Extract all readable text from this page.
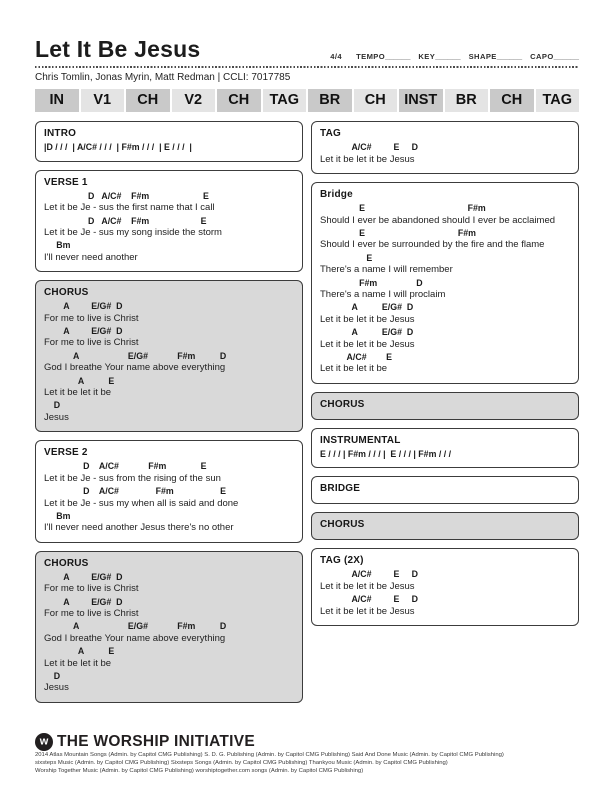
Let It Be Jesus	4/4 TEMPO______ KEY______ SHAPE______ CAPO______
Chris Tomlin, Jonas Myrin, Matt Redman | CCLI: 7017785
IN	V1	CH	V2	CH	TAG	BR	CH	INST	BR	CH	TAG
INTRO
|D / / /  | A/C# / / /  | F#m / / /  | E / / /  |
VERSE 1
D   A/C#    F#m                      E
Let it be Je - sus the first name that I call
D   A/C#    F#m                     E
Let it be Je - sus my song inside the storm
Bm
I'll never need another
CHORUS
A         E/G#  D
For me to live is Christ
A         E/G#  D
For me to live is Christ
A                    E/G#            F#m          D
God I breathe Your name above everything
A          E
Let it be let it be
D
Jesus
VERSE 2
D    A/C#            F#m              E
Let it be Je - sus from the rising of the sun
D    A/C#               F#m                   E
Let it be Je - sus my when all is said and done
Bm
I'll never need another Jesus there's no other
CHORUS
A         E/G#  D
For me to live is Christ
A         E/G#  D
For me to live is Christ
A                    E/G#            F#m          D
God I breathe Your name above everything
A          E
Let it be let it be
D
Jesus
TAG
A/C#         E     D
Let it be let it be Jesus
Bridge
E                                          F#m
Should I ever be abandoned should I ever be acclaimed
E                                      F#m
Should I ever be surrounded by the fire and the flame
E
There's a name I will remember
F#m                D
There's a name I will proclaim
A          E/G#  D
Let it be let it be Jesus
A          E/G#  D
Let it be let it be Jesus
A/C#        E
Let it be let it be
CHORUS
INSTRUMENTAL
E / / / | F#m / / / |  E / / / | F#m / / /
BRIDGE
CHORUS
TAG (2X)
A/C#         E     D
Let it be let it be Jesus
A/C#         E     D
Let it be let it be Jesus
w THE WORSHIP INITIATIVE
2014 Atlas Mountain Songs (Admin. by Capitol CMG Publishing) S. D. G. Publishing (Admin. by Capitol CMG Publishing) Said And Done Music (Admin. by Capitol CMG Publishing)
sixsteps Music (Admin. by Capitol CMG Publishing) Sixsteps Songs (Admin. by Capitol CMG Publishing) Thankyou Music (Admin. by Capitol CMG Publishing)
Worship Together Music (Admin. by Capitol CMG Publishing) worshiptogether.com songs (Admin. by Capitol CMG Publishing)
